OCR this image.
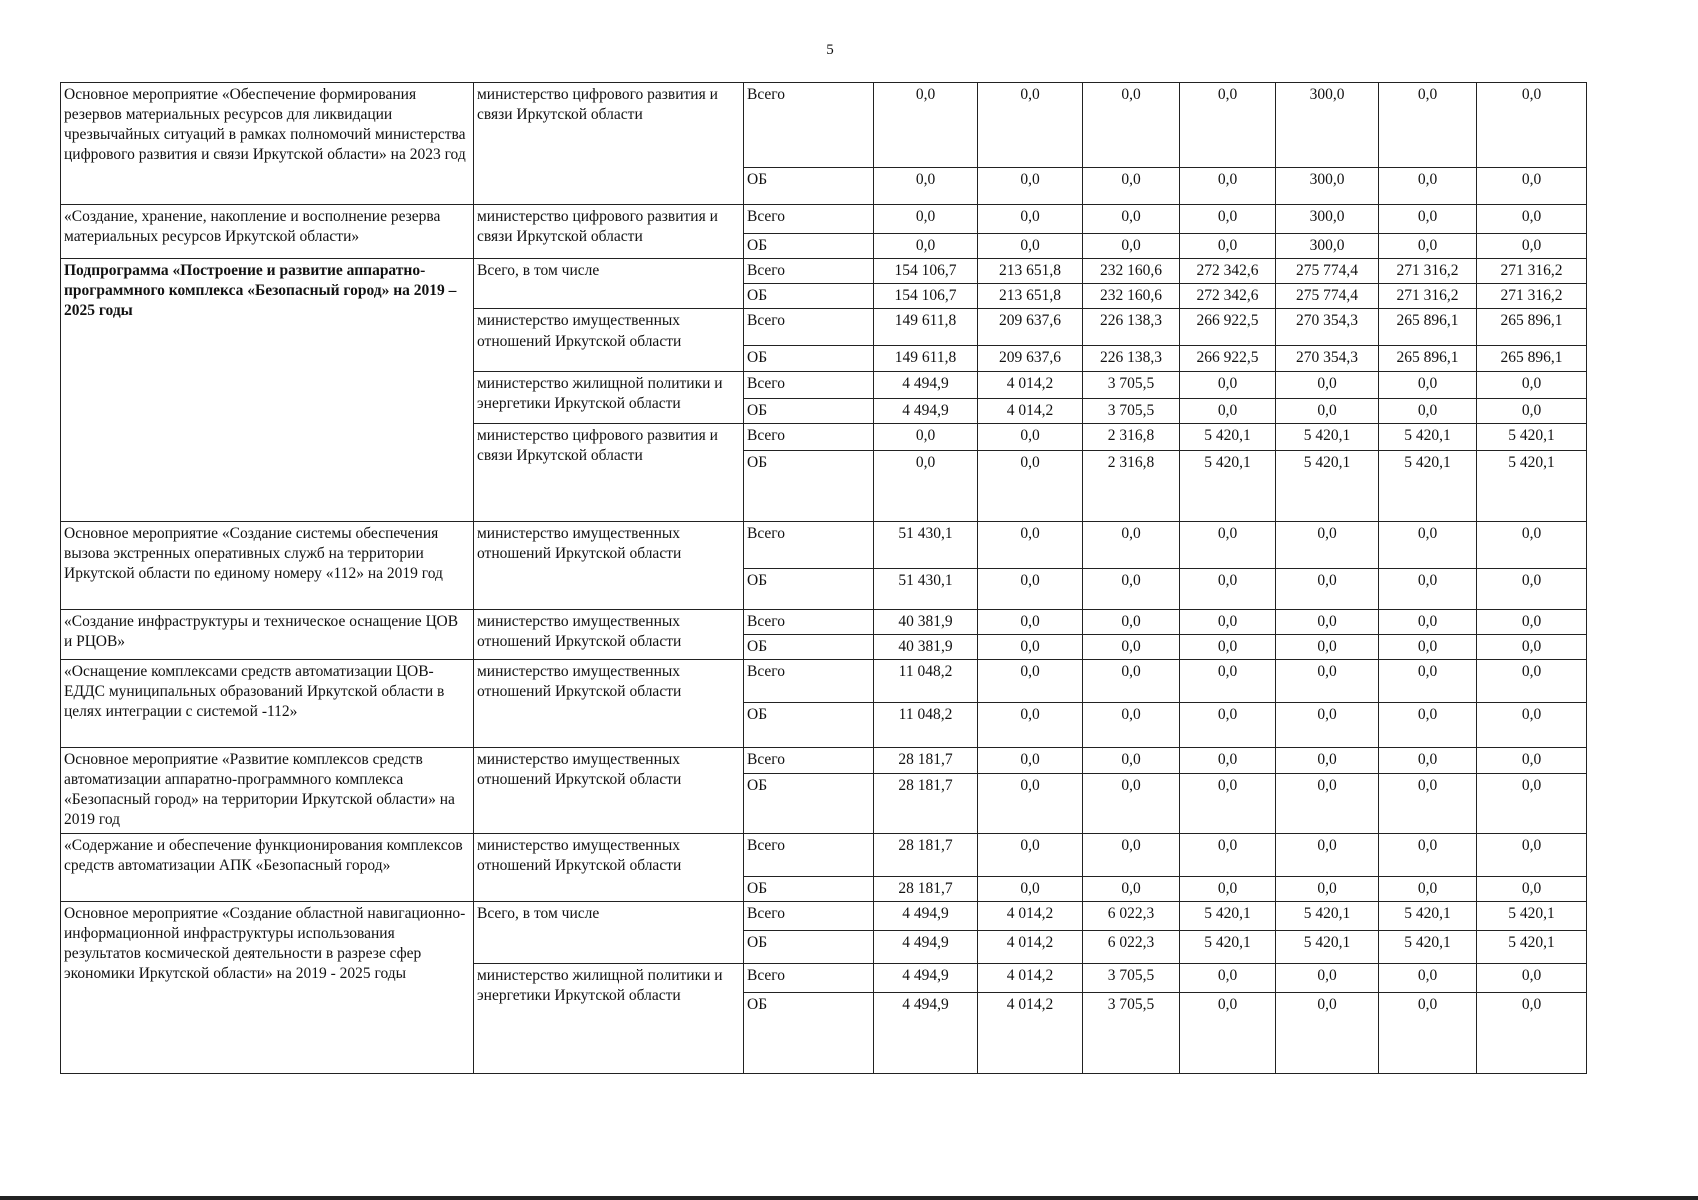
5
Основное мероприятие «Обеспечение формирования резервов материальных ресурсов для ликвидации чрезвычайных ситуаций в рамках полномочий министерства цифрового развития и связи Иркутской области» на 2023 год	министерство цифрового развития и связи Иркутской области	Всего	0,0	0,0	0,0	0,0	300,0	0,0	0,0
		ОБ	0,0	0,0	0,0	0,0	300,0	0,0	0,0
«Создание, хранение, накопление и восполнение резерва материальных ресурсов Иркутской области»	министерство цифрового развития и связи Иркутской области	Всего	0,0	0,0	0,0	0,0	300,0	0,0	0,0
		ОБ	0,0	0,0	0,0	0,0	300,0	0,0	0,0
Подпрограмма «Построение и развитие аппаратно-программного комплекса «Безопасный город» на 2019 – 2025 годы	Всего, в том числе	Всего	154 106,7	213 651,8	232 160,6	272 342,6	275 774,4	271 316,2	271 316,2
		ОБ	154 106,7	213 651,8	232 160,6	272 342,6	275 774,4	271 316,2	271 316,2
	министерство имущественных отношений Иркутской области	Всего	149 611,8	209 637,6	226 138,3	266 922,5	270 354,3	265 896,1	265 896,1
		ОБ	149 611,8	209 637,6	226 138,3	266 922,5	270 354,3	265 896,1	265 896,1
	министерство жилищной политики и энергетики Иркутской области	Всего	4 494,9	4 014,2	3 705,5	0,0	0,0	0,0	0,0
		ОБ	4 494,9	4 014,2	3 705,5	0,0	0,0	0,0	0,0
	министерство цифрового развития и связи Иркутской области	Всего	0,0	0,0	2 316,8	5 420,1	5 420,1	5 420,1	5 420,1
		ОБ	0,0	0,0	2 316,8	5 420,1	5 420,1	5 420,1	5 420,1
Основное мероприятие «Создание системы обеспечения вызова экстренных оперативных служб на территории Иркутской области по единому номеру «112» на 2019 год	министерство имущественных отношений Иркутской области	Всего	51 430,1	0,0	0,0	0,0	0,0	0,0	0,0
		ОБ	51 430,1	0,0	0,0	0,0	0,0	0,0	0,0
«Создание инфраструктуры и техническое оснащение ЦОВ и РЦОВ»	министерство имущественных отношений Иркутской области	Всего	40 381,9	0,0	0,0	0,0	0,0	0,0	0,0
		ОБ	40 381,9	0,0	0,0	0,0	0,0	0,0	0,0
«Оснащение комплексами средств автоматизации ЦОВ-ЕДДС муниципальных образований Иркутской области в целях интеграции с системой -112»	министерство имущественных отношений Иркутской области	Всего	11 048,2	0,0	0,0	0,0	0,0	0,0	0,0
		ОБ	11 048,2	0,0	0,0	0,0	0,0	0,0	0,0
Основное мероприятие «Развитие комплексов средств автоматизации аппаратно-программного комплекса «Безопасный город» на территории Иркутской области» на 2019 год	министерство имущественных отношений Иркутской области	Всего	28 181,7	0,0	0,0	0,0	0,0	0,0	0,0
		ОБ	28 181,7	0,0	0,0	0,0	0,0	0,0	0,0
«Содержание и обеспечение функционирования комплексов средств автоматизации АПК «Безопасный город»	министерство имущественных отношений Иркутской области	Всего	28 181,7	0,0	0,0	0,0	0,0	0,0	0,0
		ОБ	28 181,7	0,0	0,0	0,0	0,0	0,0	0,0
Основное мероприятие «Создание областной навигационно-информационной инфраструктуры использования результатов космической деятельности в разрезе сфер экономики Иркутской области» на 2019 - 2025 годы	Всего, в том числе	Всего	4 494,9	4 014,2	6 022,3	5 420,1	5 420,1	5 420,1	5 420,1
		ОБ	4 494,9	4 014,2	6 022,3	5 420,1	5 420,1	5 420,1	5 420,1
	министерство жилищной политики и энергетики Иркутской области	Всего	4 494,9	4 014,2	3 705,5	0,0	0,0	0,0	0,0
		ОБ	4 494,9	4 014,2	3 705,5	0,0	0,0	0,0	0,0
